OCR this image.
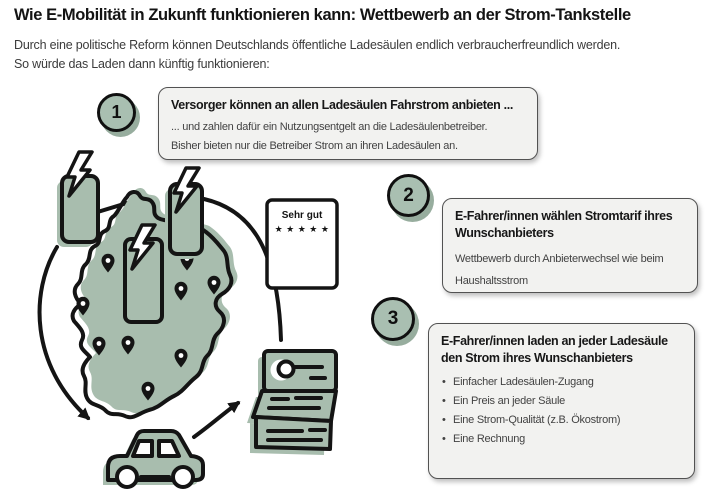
Wie E-Mobilität in Zukunft funktionieren kann: Wettbewerb an der Strom-Tankstelle
Durch eine politische Reform können Deutschlands öffentliche Ladesäulen endlich verbraucherfreundlich werden.
So würde das Laden dann künftig funktionieren:
Sehr gut
★ ★ ★ ★ ★
1	Versorger können an allen Ladesäulen Fahrstrom anbieten ...
... und zahlen dafür ein Nutzungsentgelt an die Ladesäulenbetreiber.
Bisher bieten nur die Betreiber Strom an ihren Ladesäulen an.
2
E-Fahrer/innen wählen Stromtarif ihres
Wunschanbieters
Wettbewerb durch Anbieterwechsel wie beim
Haushaltsstrom
3
E-Fahrer/innen laden an jeder Ladesäule
den Strom ihres Wunschanbieters
• Einfacher Ladesäulen-Zugang
• Ein Preis an jeder Säule
• Eine Strom-Qualität (z.B. Ökostrom)
• Eine Rechnung
